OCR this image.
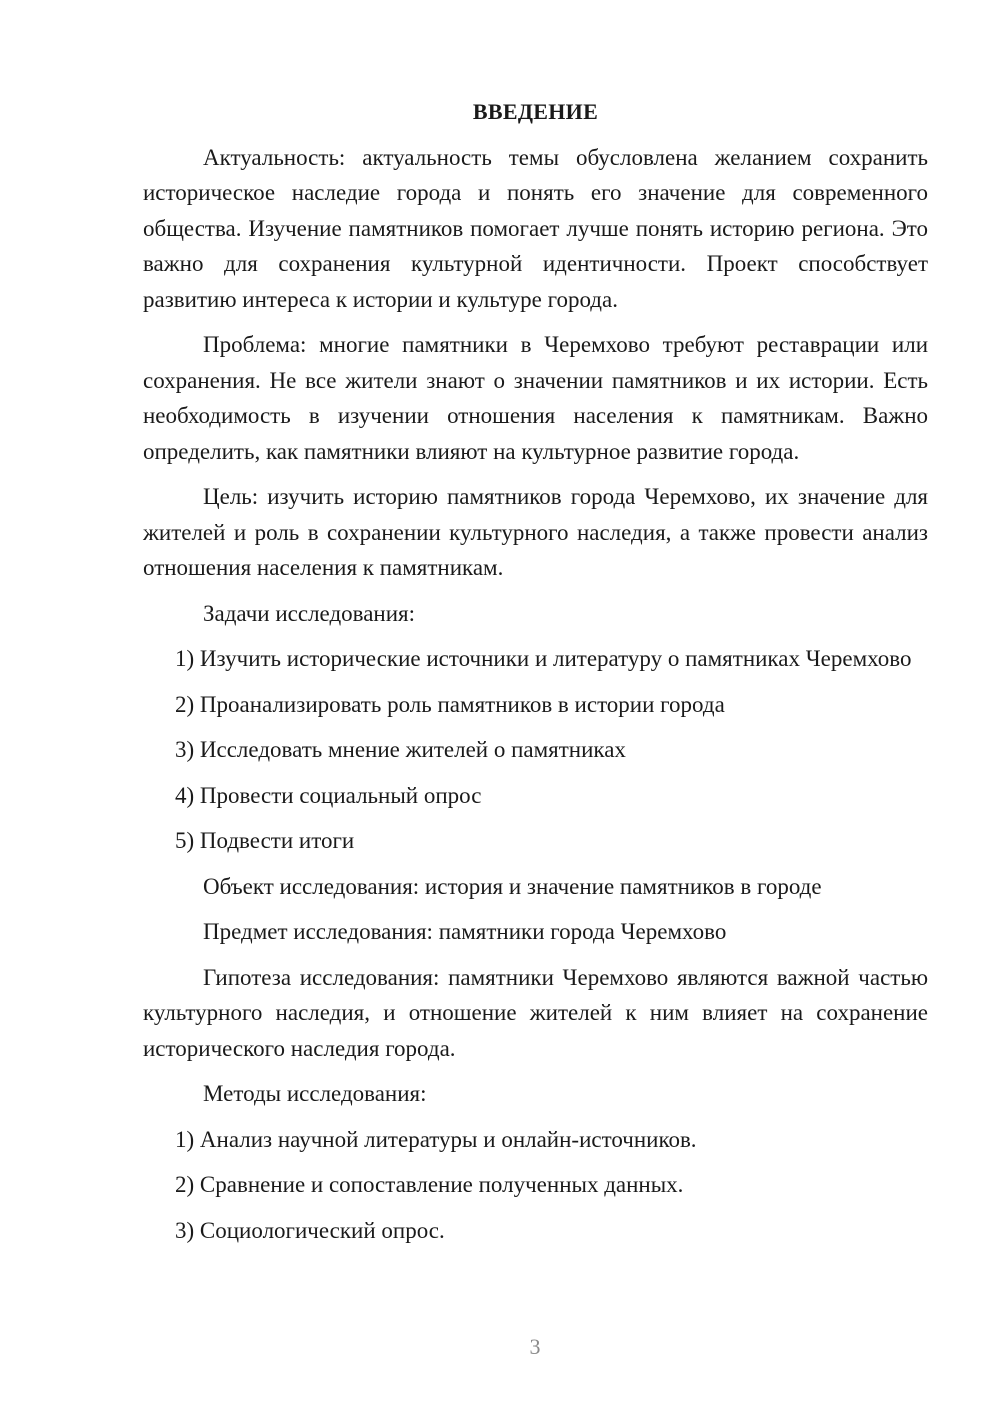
ВВЕДЕНИЕ

Актуальность: актуальность темы обусловлена желанием сохранить историческое наследие города и понять его значение для современного общества. Изучение памятников помогает лучше понять историю региона. Это важно для сохранения культурной идентичности. Проект способствует развитию интереса к истории и культуре города.

Проблема: многие памятники в Черемхово требуют реставрации или сохранения. Не все жители знают о значении памятников и их истории. Есть необходимость в изучении отношения населения к памятникам. Важно определить, как памятники влияют на культурное развитие города.

Цель: изучить историю памятников города Черемхово, их значение для жителей и роль в сохранении культурного наследия, а также провести анализ отношения населения к памятникам.

Задачи исследования:

1) Изучить исторические источники и литературу о памятниках Черемхово

2) Проанализировать роль памятников в истории города

3) Исследовать мнение жителей о памятниках

4) Провести социальный опрос

5) Подвести итоги

Объект исследования: история и значение памятников в городе

Предмет исследования: памятники города Черемхово

Гипотеза исследования: памятники Черемхово являются важной частью культурного наследия, и отношение жителей к ним влияет на сохранение исторического наследия города.

Методы исследования:

1) Анализ научной литературы и онлайн-источников.

2) Сравнение и сопоставление полученных данных.

3) Социологический опрос.

3
